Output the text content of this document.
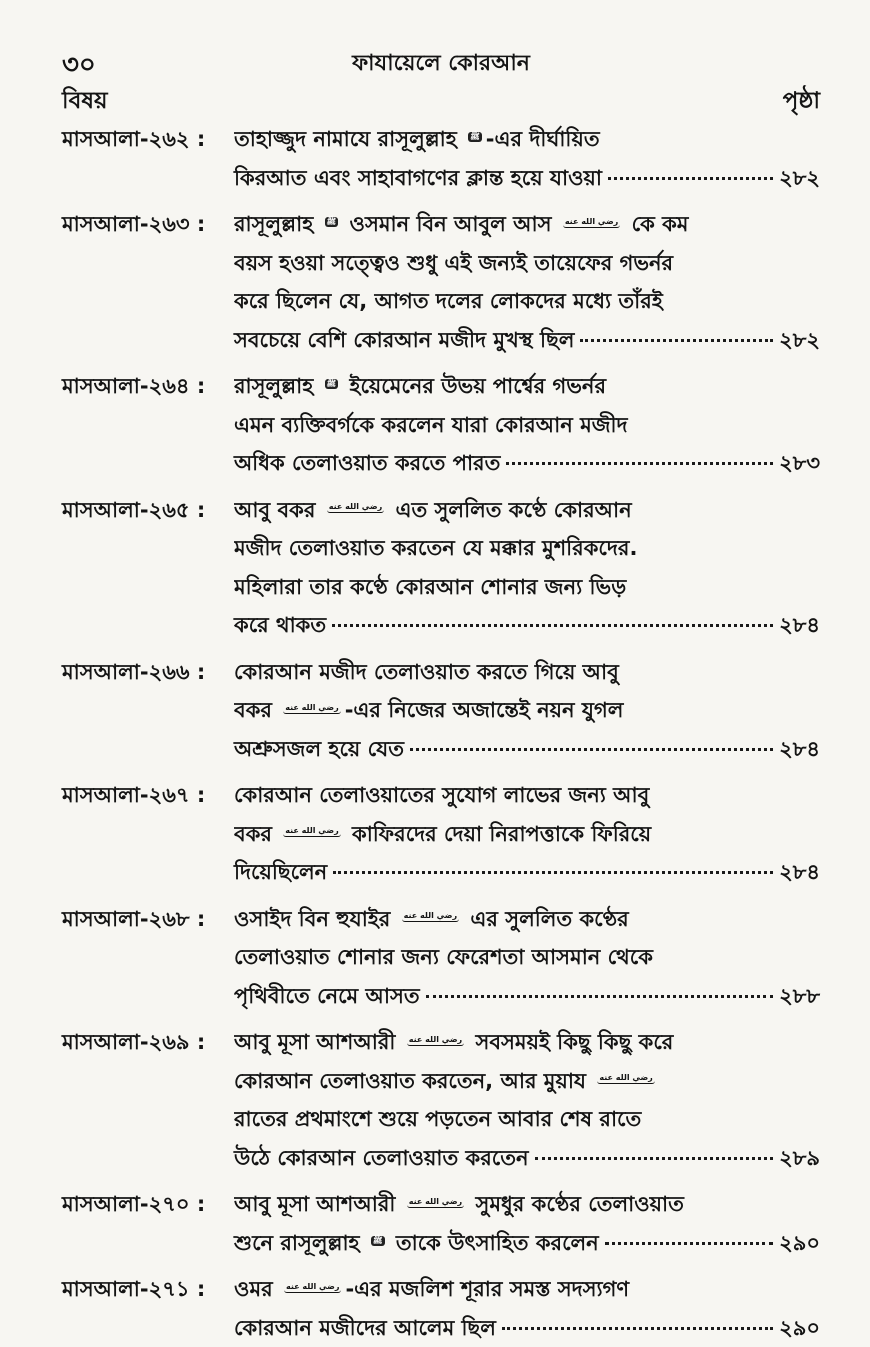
৩০	ফাযায়েলে কোরআন
বিষয়	পৃষ্ঠা
মাসআলা-২৬২ :	তাহাজ্জুদ নামাযে রাসূলুল্লাহ ﷺ -এর দীর্ঘায়িত
কিরআত এবং সাহাবাগণের ক্লান্ত হয়ে যাওয়া	২৮২
মাসআলা-২৬৩ :	রাসূলুল্লাহ ﷺ ওসমান বিন আবুল আস رضي الله عنه কে কম
বয়স হওয়া সত্ত্বেও শুধু এই জন্যই তায়েফের গভর্নর
করে ছিলেন যে, আগত দলের লোকদের মধ্যে তাঁরই
সবচেয়ে বেশি কোরআন মজীদ মুখস্থ ছিল	২৮২
মাসআলা-২৬৪ :	রাসূলুল্লাহ ﷺ ইয়েমেনের উভয় পার্শ্বের গভর্নর
এমন ব্যক্তিবর্গকে করলেন যারা কোরআন মজীদ
অধিক তেলাওয়াত করতে পারত	২৮৩
মাসআলা-২৬৫ :	আবু বকর رضي الله عنه এত সুললিত কণ্ঠে কোরআন
মজীদ তেলাওয়াত করতেন যে মক্কার মুশরিকদের.
মহিলারা তার কণ্ঠে কোরআন শোনার জন্য ভিড়
করে থাকত	২৮৪
মাসআলা-২৬৬ :	কোরআন মজীদ তেলাওয়াত করতে গিয়ে আবু
বকর رضي الله عنه -এর নিজের অজান্তেই নয়ন যুগল
অশ্রুসজল হয়ে যেত	২৮৪
মাসআলা-২৬৭ :	কোরআন তেলাওয়াতের সুযোগ লাভের জন্য আবু
বকর رضي الله عنه কাফিরদের দেয়া নিরাপত্তাকে ফিরিয়ে
দিয়েছিলেন	২৮৪
মাসআলা-২৬৮ :	ওসাইদ বিন হুযাইর رضي الله عنه এর সুললিত কণ্ঠের
তেলাওয়াত শোনার জন্য ফেরেশতা আসমান থেকে
পৃথিবীতে নেমে আসত	২৮৮
মাসআলা-২৬৯ :	আবু মূসা আশআরী رضي الله عنه সবসময়ই কিছু কিছু করে
কোরআন তেলাওয়াত করতেন, আর মুয়ায رضي الله عنه
রাতের প্রথমাংশে শুয়ে পড়তেন আবার শেষ রাতে
উঠে কোরআন তেলাওয়াত করতেন	২৮৯
মাসআলা-২৭০ :	আবু মূসা আশআরী رضي الله عنه সুমধুর কণ্ঠের তেলাওয়াত
শুনে রাসূলুল্লাহ ﷺ তাকে উৎসাহিত করলেন	২৯০
মাসআলা-২৭১ :	ওমর رضي الله عنه -এর মজলিশ শূরার সমস্ত সদস্যগণ
কোরআন মজীদের আলেম ছিল	২৯০
